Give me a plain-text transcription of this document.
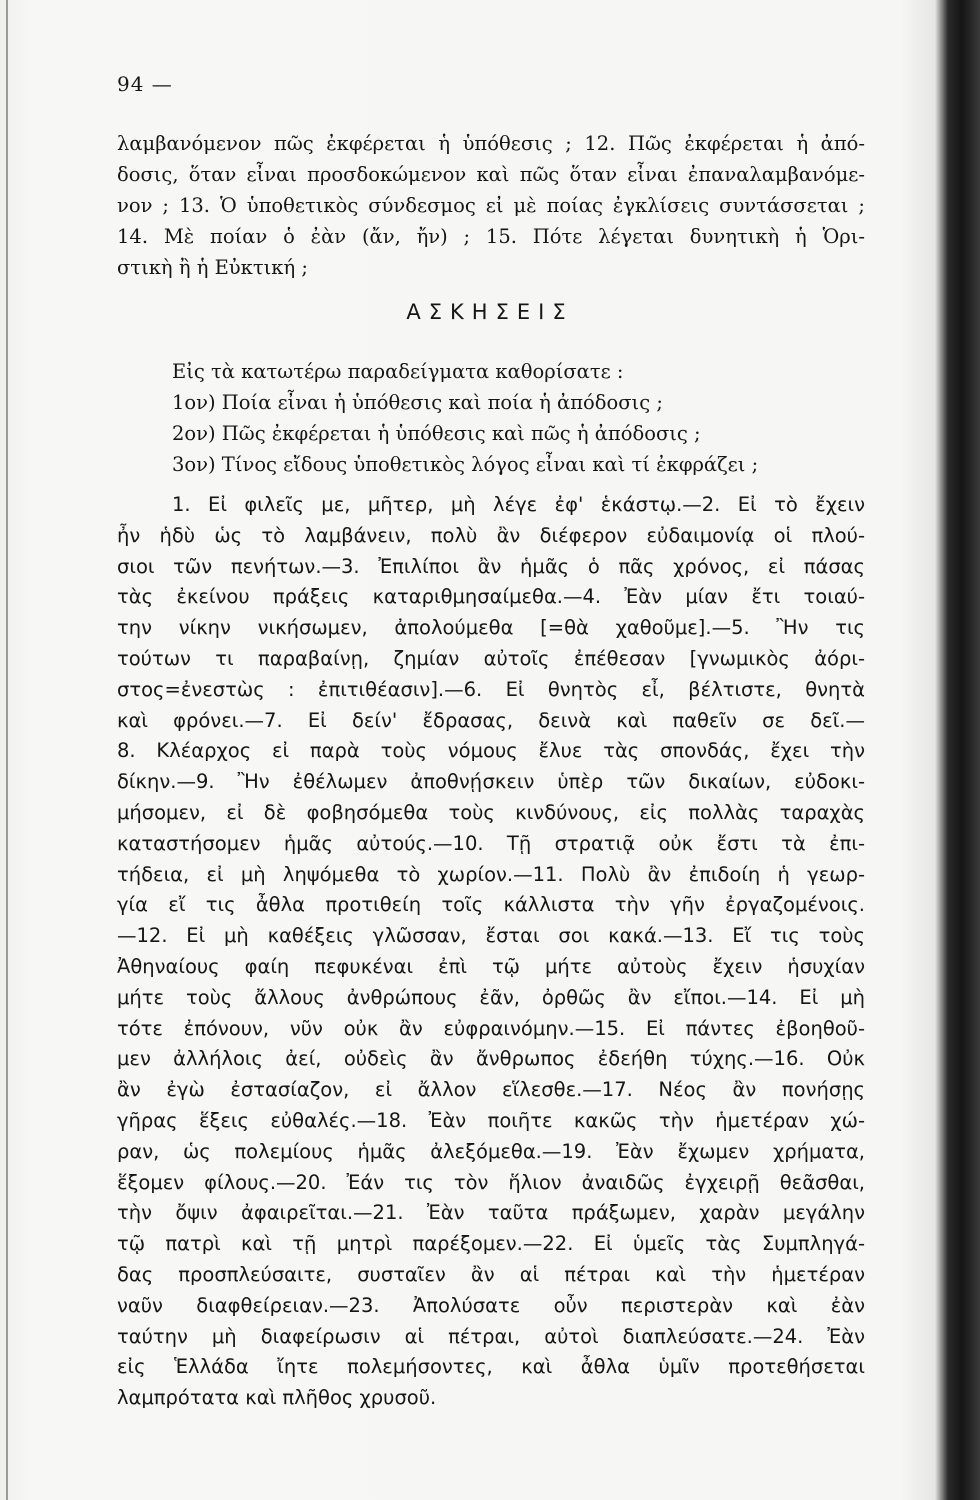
94 —
λαμβανόμενον πῶς ἐκφέρεται ἡ ὑπόθεσις ; 12. Πῶς ἐκφέρεται ἡ ἀπό-
δοσις, ὅταν εἶναι προσδοκώμενον καὶ πῶς ὅταν εἶναι ἐπαναλαμβανόμε-
νον ; 13. Ὁ ὑποθετικὸς σύνδεσμος εἰ μὲ ποίας ἐγκλίσεις συντάσσεται ;
14. Μὲ ποίαν ὁ ἐὰν (ἄν, ἤν) ; 15. Πότε λέγεται δυνητικὴ ἡ Ὁρι-
στικὴ ἢ ἡ Εὐκτική ;
ΑΣΚΗΣΕΙΣ
Εἰς τὰ κατωτέρω παραδείγματα καθορίσατε :
1ον) Ποία εἶναι ἡ ὑπόθεσις καὶ ποία ἡ ἀπόδοσις ;
2ον) Πῶς ἐκφέρεται ἡ ὑπόθεσις καὶ πῶς ἡ ἀπόδοσις ;
3ον) Τίνος εἴδους ὑποθετικὸς λόγος εἶναι καὶ τί ἐκφράζει ;
1. Εἰ φιλεῖς με, μῆτερ, μὴ λέγε ἐφ' ἑκάστῳ.—2. Εἰ τὸ ἔχειν
ἦν ἡδὺ ὡς τὸ λαμβάνειν, πολὺ ἂν διέφερον εὐδαιμονίᾳ οἱ πλού-
σιοι τῶν πενήτων.—3. Ἐπιλίποι ἂν ἡμᾶς ὁ πᾶς χρόνος, εἰ πάσας
τὰς ἐκείνου πράξεις καταριθμησαίμεθα.—4. Ἐὰν μίαν ἔτι τοιαύ-
την νίκην νικήσωμεν, ἀπολούμεθα [=θὰ χαθοῦμε].—5. Ἢν τις
τούτων τι παραβαίνῃ, ζημίαν αὐτοῖς ἐπέθεσαν [γνωμικὸς ἀόρι-
στος=ἐνεστὼς : ἐπιτιθέασιν].—6. Εἰ θνητὸς εἶ, βέλτιστε, θνητὰ
καὶ φρόνει.—7. Εἰ δείν' ἔδρασας, δεινὰ καὶ παθεῖν σε δεῖ.—
8. Κλέαρχος εἰ παρὰ τοὺς νόμους ἔλυε τὰς σπονδάς, ἔχει τὴν
δίκην.—9. Ἢν ἐθέλωμεν ἀποθνῄσκειν ὑπὲρ τῶν δικαίων, εὐδοκι-
μήσομεν, εἰ δὲ φοβησόμεθα τοὺς κινδύνους, εἰς πολλὰς ταραχὰς
καταστήσομεν ἡμᾶς αὐτούς.—10. Τῇ στρατιᾷ οὐκ ἔστι τὰ ἐπι-
τήδεια, εἰ μὴ ληψόμεθα τὸ χωρίον.—11. Πολὺ ἂν ἐπιδοίη ἡ γεωρ-
γία εἴ τις ἆθλα προτιθείη τοῖς κάλλιστα τὴν γῆν ἐργαζομένοις.
—12. Εἰ μὴ καθέξεις γλῶσσαν, ἔσται σοι κακά.—13. Εἴ τις τοὺς
Ἀθηναίους φαίη πεφυκέναι ἐπὶ τῷ μήτε αὐτοὺς ἔχειν ἡσυχίαν
μήτε τοὺς ἄλλους ἀνθρώπους ἐᾶν, ὀρθῶς ἂν εἴποι.—14. Εἰ μὴ
τότε ἐπόνουν, νῦν οὐκ ἂν εὐφραινόμην.—15. Εἰ πάντες ἐβοηθοῦ-
μεν ἀλλήλοις ἀεί, οὐδεὶς ἂν ἄνθρωπος ἐδεήθη τύχης.—16. Οὐκ
ἂν ἐγὼ ἐστασίαζον, εἰ ἄλλον εἵλεσθε.—17. Νέος ἂν πονήσῃς
γῆρας ἕξεις εὐθαλές.—18. Ἐὰν ποιῆτε κακῶς τὴν ἡμετέραν χώ-
ραν, ὡς πολεμίους ἡμᾶς ἀλεξόμεθα.—19. Ἐὰν ἔχωμεν χρήματα,
ἕξομεν φίλους.—20. Ἐάν τις τὸν ἥλιον ἀναιδῶς ἐγχειρῇ θεᾶσθαι,
τὴν ὄψιν ἀφαιρεῖται.—21. Ἐὰν ταῦτα πράξωμεν, χαρὰν μεγάλην
τῷ πατρὶ καὶ τῇ μητρὶ παρέξομεν.—22. Εἰ ὑμεῖς τὰς Συμπληγά-
δας προσπλεύσαιτε, συσταῖεν ἂν αἱ πέτραι καὶ τὴν ἡμετέραν
ναῦν διαφθείρειαν.—23. Ἀπολύσατε οὖν περιστερὰν καὶ ἐὰν
ταύτην μὴ διαφείρωσιν αἱ πέτραι, αὐτοὶ διαπλεύσατε.—24. Ἐὰν
εἰς Ἑλλάδα ἴητε πολεμήσοντες, καὶ ἆθλα ὑμῖν προτεθήσεται
λαμπρότατα καὶ πλῆθος χρυσοῦ.
